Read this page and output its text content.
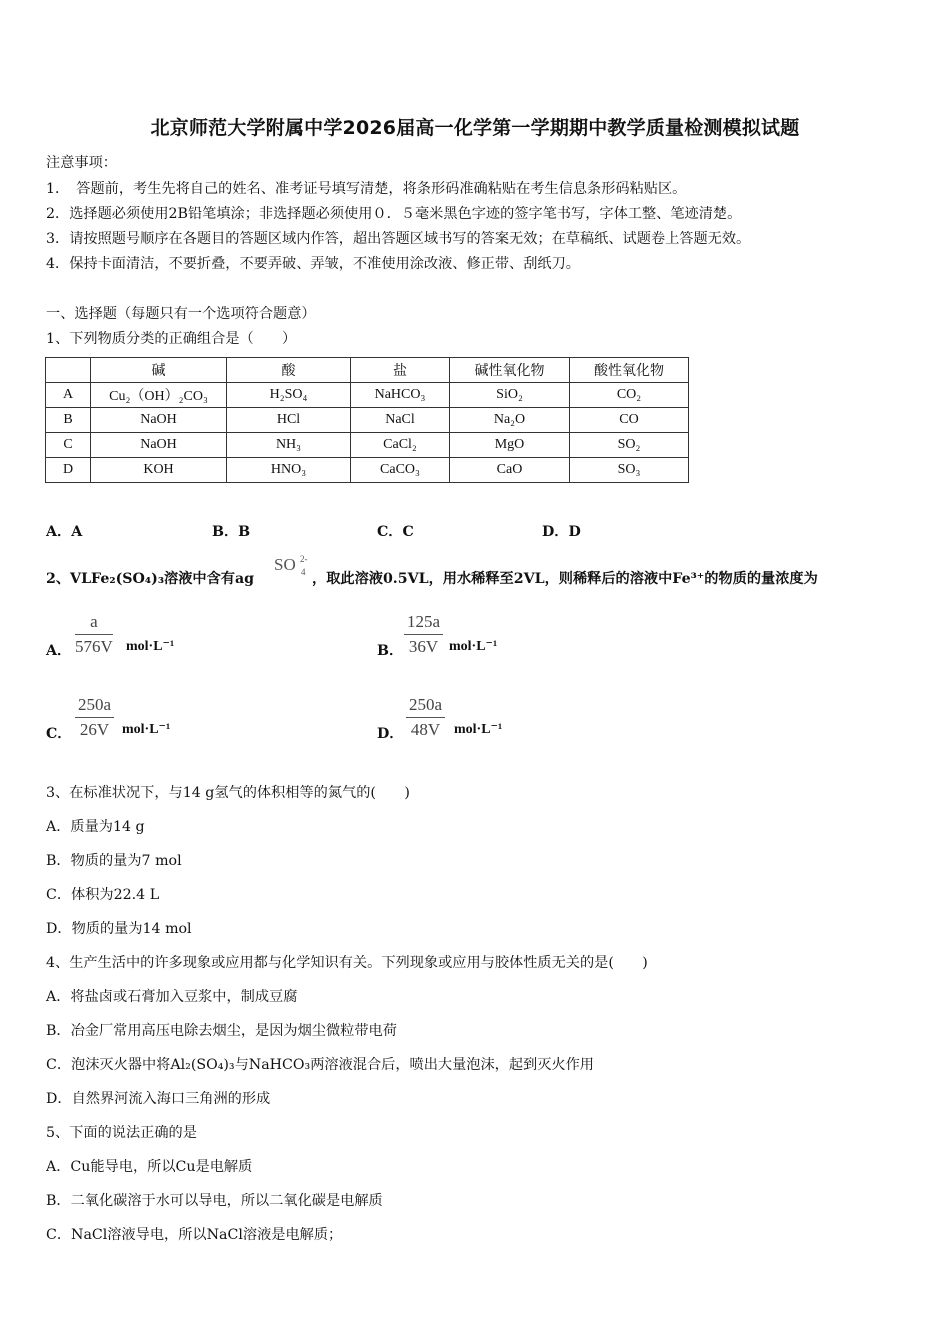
北京师范大学附属中学2026届高一化学第一学期期中教学质量检测模拟试题
注意事项：
1．　答题前，考生先将自己的姓名、准考证号填写清楚，将条形码准确粘贴在考生信息条形码粘贴区。
2．选择题必须使用2B铅笔填涂；非选择题必须使用０．５毫米黑色字迹的签字笔书写，字体工整、笔迹清楚。
3．请按照题号顺序在各题目的答题区域内作答，超出答题区域书写的答案无效；在草稿纸、试题卷上答题无效。
4．保持卡面清洁，不要折叠，不要弄破、弄皱，不准使用涂改液、修正带、刮纸刀。
一、选择题（每题只有一个选项符合题意）
1、下列物质分类的正确组合是（　　）
	碱	酸	盐	碱性氧化物	酸性氧化物
A	Cu₂（OH）₂CO₃	H₂SO₄	NaHCO₃	SiO₂	CO₂
B	NaOH	HCl	NaCl	Na₂O	CO
C	NaOH	NH₃	CaCl₂	MgO	SO₂
D	KOH	HNO₃	CaCO₃	CaO	SO₃
A．A	B．B	C．C	D．D
2、VLFe₂(SO₄)₃溶液中含有ag
SO 2-
4 ，取此溶液0.5VL，用水稀释至2VL，则稀释后的溶液中Fe³⁺的物质的量浓度为
A． $\frac{a}{576V} mol\cdot L^{-1}$	B． $\frac{125a}{36V} mol\cdot L^{-1}$
C． $\frac{250a}{26V} mol\cdot L^{-1}$	D． $\frac{250a}{48V} mol\cdot L^{-1}$
3、在标准状况下，与14 g氢气的体积相等的氮气的(　　)
A．质量为14 g
B．物质的量为7 mol
C．体积为22.4 L
D．物质的量为14 mol
4、生产生活中的许多现象或应用都与化学知识有关。下列现象或应用与胶体性质无关的是(　　)
A．将盐卤或石膏加入豆浆中，制成豆腐
B．冶金厂常用高压电除去烟尘，是因为烟尘微粒带电荷
C．泡沫灭火器中将Al₂(SO₄)₃与NaHCO₃两溶液混合后，喷出大量泡沫，起到灭火作用
D．自然界河流入海口三角洲的形成
5、下面的说法正确的是
A．Cu能导电，所以Cu是电解质
B．二氧化碳溶于水可以导电，所以二氧化碳是电解质
C．NaCl溶液导电，所以NaCl溶液是电解质；
